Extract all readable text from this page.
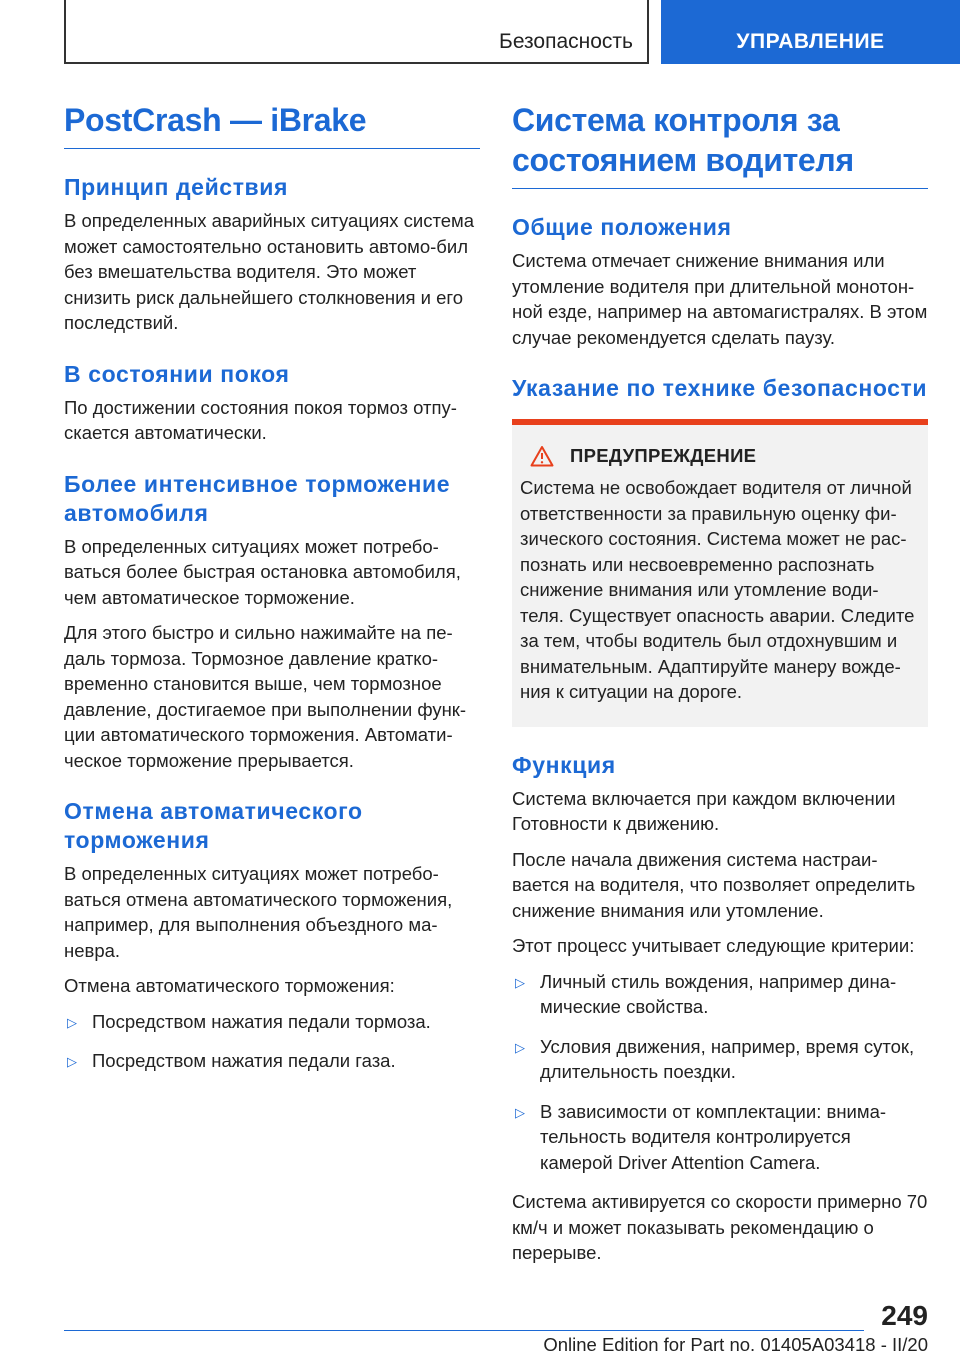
Безопасность	УПРАВЛЕНИЕ
PostCrash — iBrake
Принцип действия

В определенных аварийных ситуациях система может самостоятельно остановить автомо-бил без вмешательства водителя. Это может снизить риск дальнейшего столкновения и его последствий.

В состоянии покоя

По достижении состояния покоя тормоз отпу-скается автоматически.

Более интенсивное торможение автомобиля

В определенных ситуациях может потребо-ваться более быстрая остановка автомобиля, чем автоматическое торможение.

Для этого быстро и сильно нажимайте на пе-даль тормоза. Тормозное давление кратко-временно становится выше, чем тормозное давление, достигаемое при выполнении функ-ции автоматического торможения. Автомати-ческое торможение прерывается.

Отмена автоматического торможения

В определенных ситуациях может потребо-ваться отмена автоматического торможения, например, для выполнения объездного ма-невра.

Отмена автоматического торможения:

▷ Посредством нажатия педали тормоза.
▷ Посредством нажатия педали газа.
Система контроля за состоянием водителя
Общие положения

Система отмечает снижение внимания или утомление водителя при длительной монотон-ной езде, например на автомагистралях. В этом случае рекомендуется сделать паузу.

Указание по технике безопасности
ПРЕДУПРЕЖДЕНИЕ

Система не освобождает водителя от личной ответственности за правильную оценку фи-зического состояния. Система может не рас-познать или несвоевременно распознать снижение внимания или утомление води-теля. Существует опасность аварии. Следите за тем, чтобы водитель был отдохнувшим и внимательным. Адаптируйте манеру вожде-ния к ситуации на дороге.

Функция

Система включается при каждом включении Готовности к движению.

После начала движения система настраи-вается на водителя, что позволяет определить снижение внимания или утомление.

Этот процесс учитывает следующие критерии:

▷ Личный стиль вождения, например дина-мические свойства.
▷ Условия движения, например, время суток, длительность поездки.
▷ В зависимости от комплектации: внима-тельность водителя контролируется камерой Driver Attention Camera.

Система активируется со скорости примерно 70 км/ч и может показывать рекомендацию о перерыве.

249
Online Edition for Part no. 01405A03418 - II/20
